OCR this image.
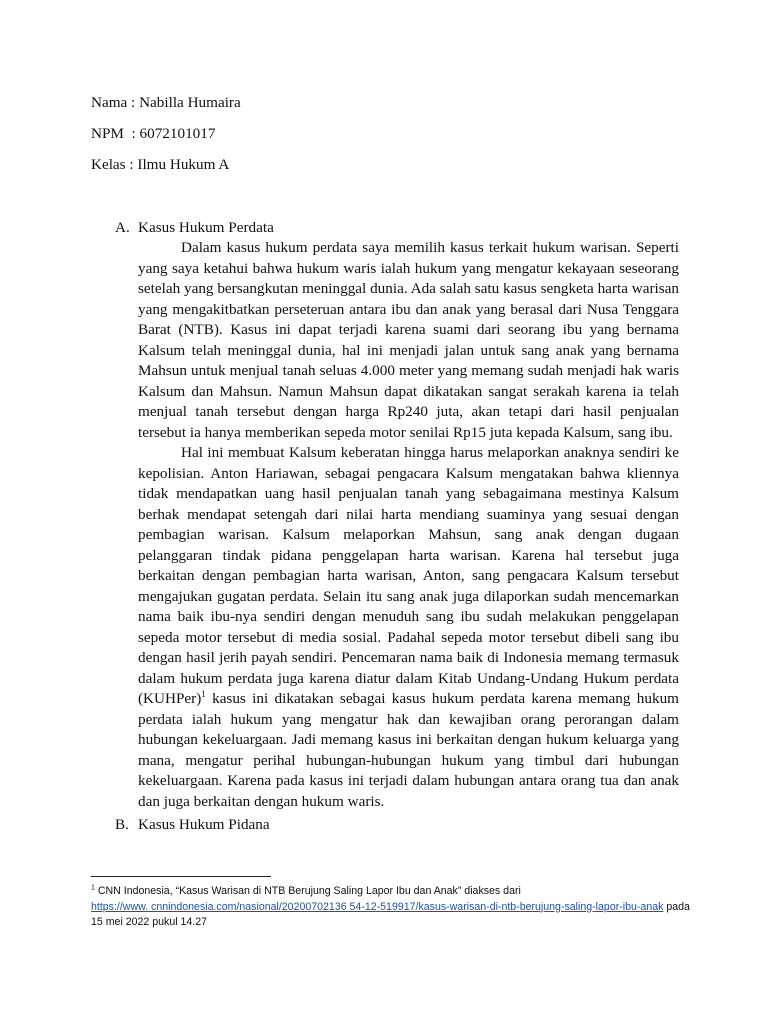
Nama : Nabilla Humaira
NPM  : 6072101017
Kelas : Ilmu Hukum A
A. Kasus Hukum Perdata

Dalam kasus hukum perdata saya memilih kasus terkait hukum warisan. Seperti yang saya ketahui bahwa hukum waris ialah hukum yang mengatur kekayaan seseorang setelah yang bersangkutan meninggal dunia. Ada salah satu kasus sengketa harta warisan yang mengakitbatkan perseteruan antara ibu dan anak yang berasal dari Nusa Tenggara Barat (NTB). Kasus ini dapat terjadi karena suami dari seorang ibu yang bernama Kalsum telah meninggal dunia, hal ini menjadi jalan untuk sang anak yang bernama Mahsun untuk menjual tanah seluas 4.000 meter yang memang sudah menjadi hak waris Kalsum dan Mahsun. Namun Mahsun dapat dikatakan sangat serakah karena ia telah menjual tanah tersebut dengan harga Rp240 juta, akan tetapi dari hasil penjualan tersebut ia hanya memberikan sepeda motor senilai Rp15 juta kepada Kalsum, sang ibu.

Hal ini membuat Kalsum keberatan hingga harus melaporkan anaknya sendiri ke kepolisian. Anton Hariawan, sebagai pengacara Kalsum mengatakan bahwa kliennya tidak mendapatkan uang hasil penjualan tanah yang sebagaimana mestinya Kalsum berhak mendapat setengah dari nilai harta mendiang suaminya yang sesuai dengan pembagian warisan. Kalsum melaporkan Mahsun, sang anak dengan dugaan pelanggaran tindak pidana penggelapan harta warisan. Karena hal tersebut juga berkaitan dengan pembagian harta warisan, Anton, sang pengacara Kalsum tersebut mengajukan gugatan perdata. Selain itu sang anak juga dilaporkan sudah mencemarkan nama baik ibu-nya sendiri dengan menuduh sang ibu sudah melakukan penggelapan sepeda motor tersebut di media sosial. Padahal sepeda motor tersebut dibeli sang ibu dengan hasil jerih payah sendiri. Pencemaran nama baik di Indonesia memang termasuk dalam hukum perdata juga karena diatur dalam Kitab Undang-Undang Hukum perdata (KUHPer)$^1$ kasus ini dikatakan sebagai kasus hukum perdata karena memang hukum perdata ialah hukum yang mengatur hak dan kewajiban orang perorangan dalam hubungan kekeluargaan. Jadi memang kasus ini berkaitan dengan hukum keluarga yang mana, mengatur perihal hubungan-hubungan hukum yang timbul dari hubungan kekeluargaan. Karena pada kasus ini terjadi dalam hubungan antara orang tua dan anak dan juga berkaitan dengan hukum waris.

B. Kasus Hukum Pidana
$^1$ CNN Indonesia, “Kasus Warisan di NTB Berujung Saling Lapor Ibu dan Anak” diakses dari
https://www. cnnindonesia.com/nasional/20200702136 54-12-519917/kasus-warisan-di-ntb-berujung-saling-lapor-ibu-anak pada 15 mei 2022 pukul 14.27
